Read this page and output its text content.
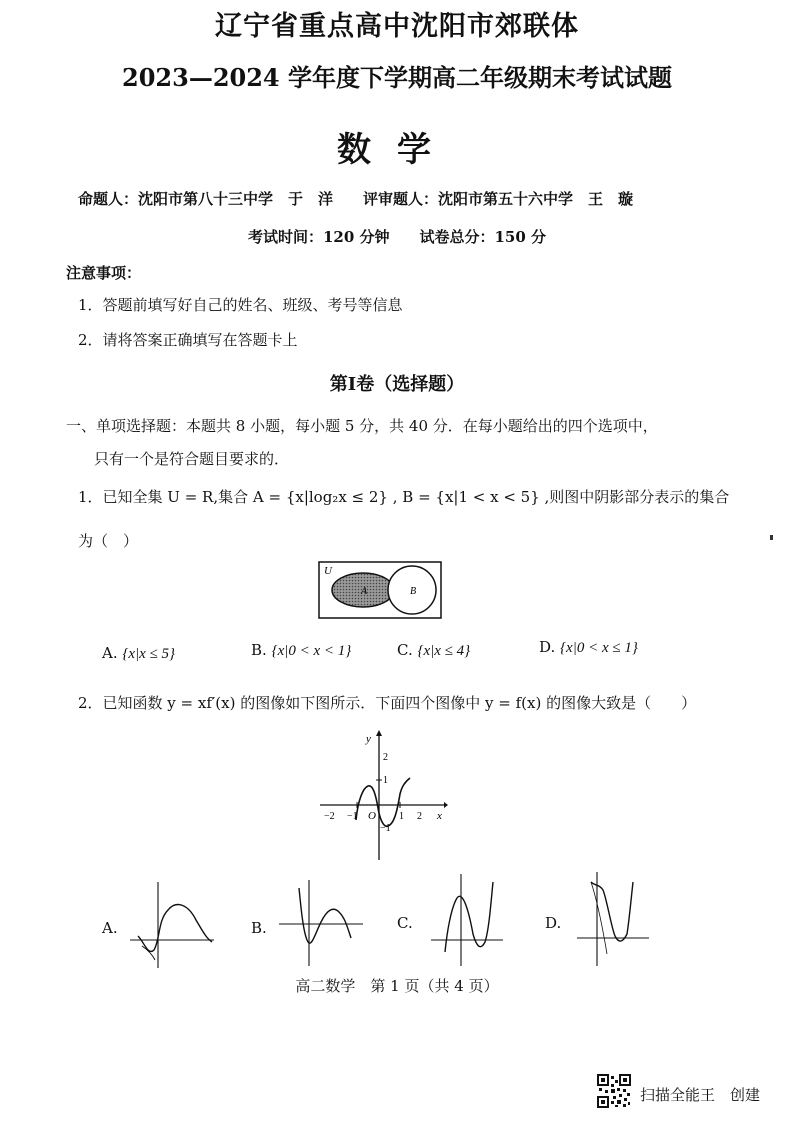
辽宁省重点高中沈阳市郊联体
2023—2024 学年度下学期高二年级期末考试试题
数学
命题人：沈阳市第八十三中学　于　洋　　评审题人：沈阳市第五十六中学　王　璇
考试时间：120 分钟　　试卷总分：150 分
注意事项：
1．答题前填写好自己的姓名、班级、考号等信息
2．请将答案正确填写在答题卡上
第Ⅰ卷（选择题）
一、单项选择题：本题共 8 小题，每小题 5 分，共 40 分．在每小题给出的四个选项中，
只有一个是符合题目要求的．
1．已知全集 U = R,集合 A = {x|log₂x ≤ 2} , B = {x|1 < x < 5} ,则图中阴影部分表示的集合
为（　）
U
A	B
A. {x|x ≤ 5}	B. {x|0 < x < 1}	C. {x|x ≤ 4}	D. {x|0 < x ≤ 1}
2．已知函数 y = xf′(x) 的图像如下图所示．下面四个图像中 y = f(x) 的图像大致是（　　）
x
y
O
−2 −1	1 2
2
1
−1
A.	B.	C.	D.
高二数学　第 1 页（共 4 页）
扫描全能王　创建
